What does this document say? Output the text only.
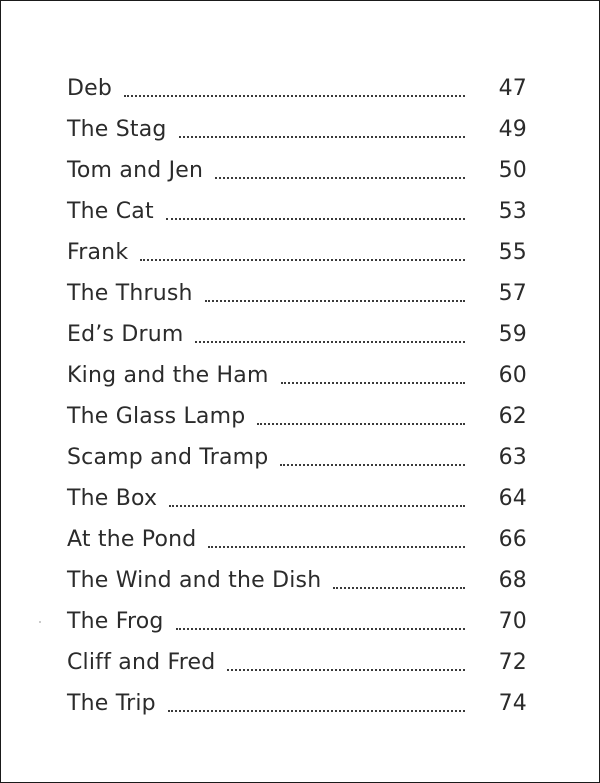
Deb	47
The Stag	49
Tom and Jen	50
The Cat	53
Frank	55
The Thrush	57
Ed’s Drum	59
King and the Ham	60
The Glass Lamp	62
Scamp and Tramp	63
The Box	64
At the Pond	66
The Wind and the Dish	68
The Frog	70
Cliff and Fred	72
The Trip	74
